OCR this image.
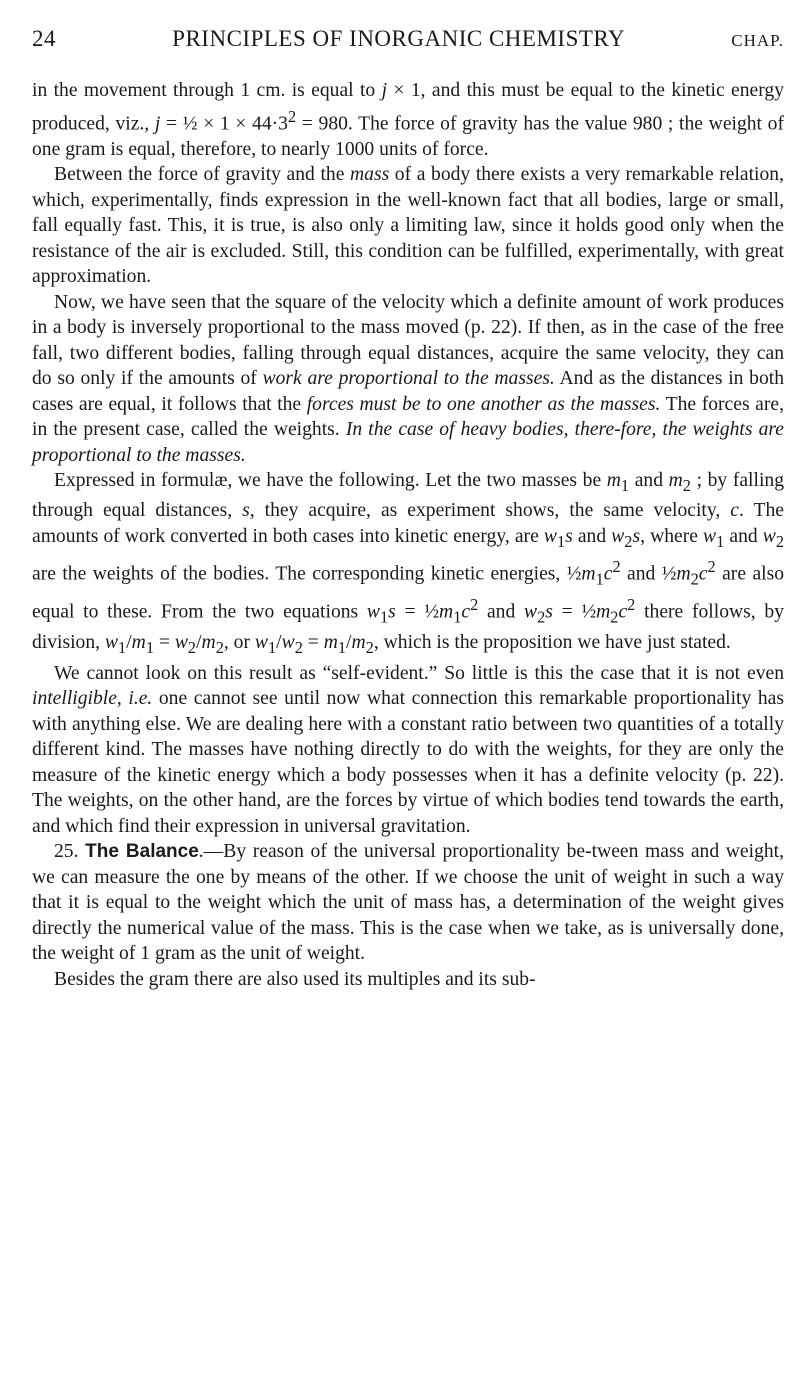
24	PRINCIPLES OF INORGANIC CHEMISTRY	CHAP.

in the movement through 1 cm. is equal to j × 1, and this must be equal to the kinetic energy produced, viz., j = ½ × $1 \times 44\cdot 3^2 = 980$. The force of gravity has the value 980 ; the weight of one gram is equal, therefore, to nearly 1000 units of force.

Between the force of gravity and the mass of a body there exists a very remarkable relation, which, experimentally, finds expression in the well-known fact that all bodies, large or small, fall equally fast. This, it is true, is also only a limiting law, since it holds good only when the resistance of the air is excluded. Still, this condition can be fulfilled, experimentally, with great approximation.

Now, we have seen that the square of the velocity which a definite amount of work produces in a body is inversely proportional to the mass moved (p. 22). If then, as in the case of the free fall, two different bodies, falling through equal distances, acquire the same velocity, they can do so only if the amounts of work are proportional to the masses. And as the distances in both cases are equal, it follows that the forces must be to one another as the masses. The forces are, in the present case, called the weights. In the case of heavy bodies, there-fore, the weights are proportional to the masses.

Expressed in formulæ, we have the following. Let the two masses be $m_1$ and $m_2$ ; by falling through equal distances, s, they acquire, as experiment shows, the same velocity, c. The amounts of work converted in both cases into kinetic energy, are $w_1s$ and $w_2s$, where $w_1$ and $w_2$ are the weights of the bodies. The corresponding kinetic energies, $\frac{1}{2}m_1c^2$ and $\frac{1}{2}m_2c^2$ are also equal to these. From the two equations $w_1s$ = $\frac{1}{2}m_1c^2$ and $w_2s$ = $\frac{1}{2}m_2c^2$ there follows, by division, $w_1/m_1 = w_2/m_2$, or $w_1/w_2 = m_1/m_2$, which is the proposition we have just stated.

We cannot look on this result as “self-evident.” So little is this the case that it is not even intelligible, i.e. one cannot see until now what connection this remarkable proportionality has with anything else. We are dealing here with a constant ratio between two quantities of a totally different kind. The masses have nothing directly to do with the weights, for they are only the measure of the kinetic energy which a body possesses when it has a definite velocity (p. 22). The weights, on the other hand, are the forces by virtue of which bodies tend towards the earth, and which find their expression in universal gravitation.

25. The Balance.—By reason of the universal proportionality be-tween mass and weight, we can measure the one by means of the other. If we choose the unit of weight in such a way that it is equal to the weight which the unit of mass has, a determination of the weight gives directly the numerical value of the mass. This is the case when we take, as is universally done, the weight of 1 gram as the unit of weight.

Besides the gram there are also used its multiples and its sub-
